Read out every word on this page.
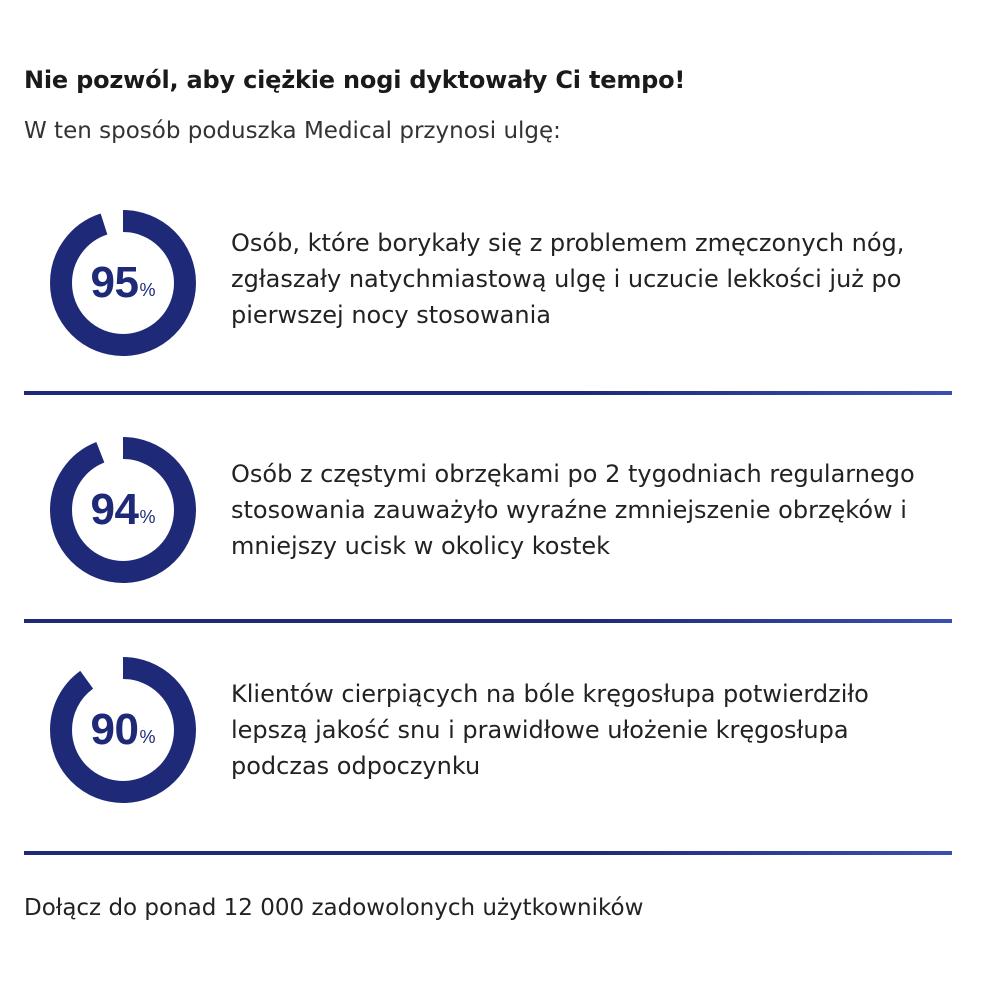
Nie pozwól, aby ciężkie nogi dyktowały Ci tempo!

W ten sposób poduszka Medical przynosi ulgę:

95 %

Osób, które borykały się z problemem zmęczonych nóg, zgłaszały natychmiastową ulgę i uczucie lekkości już po pierwszej nocy stosowania

94 %

Osób z częstymi obrzękami po 2 tygodniach regularnego stosowania zauważyło wyraźne zmniejszenie obrzęków i mniejszy ucisk w okolicy kostek

90 %

Klientów cierpiących na bóle kręgosłupa potwierdziło lepszą jakość snu i prawidłowe ułożenie kręgosłupa podczas odpoczynku

Dołącz do ponad 12 000 zadowolonych użytkowników
